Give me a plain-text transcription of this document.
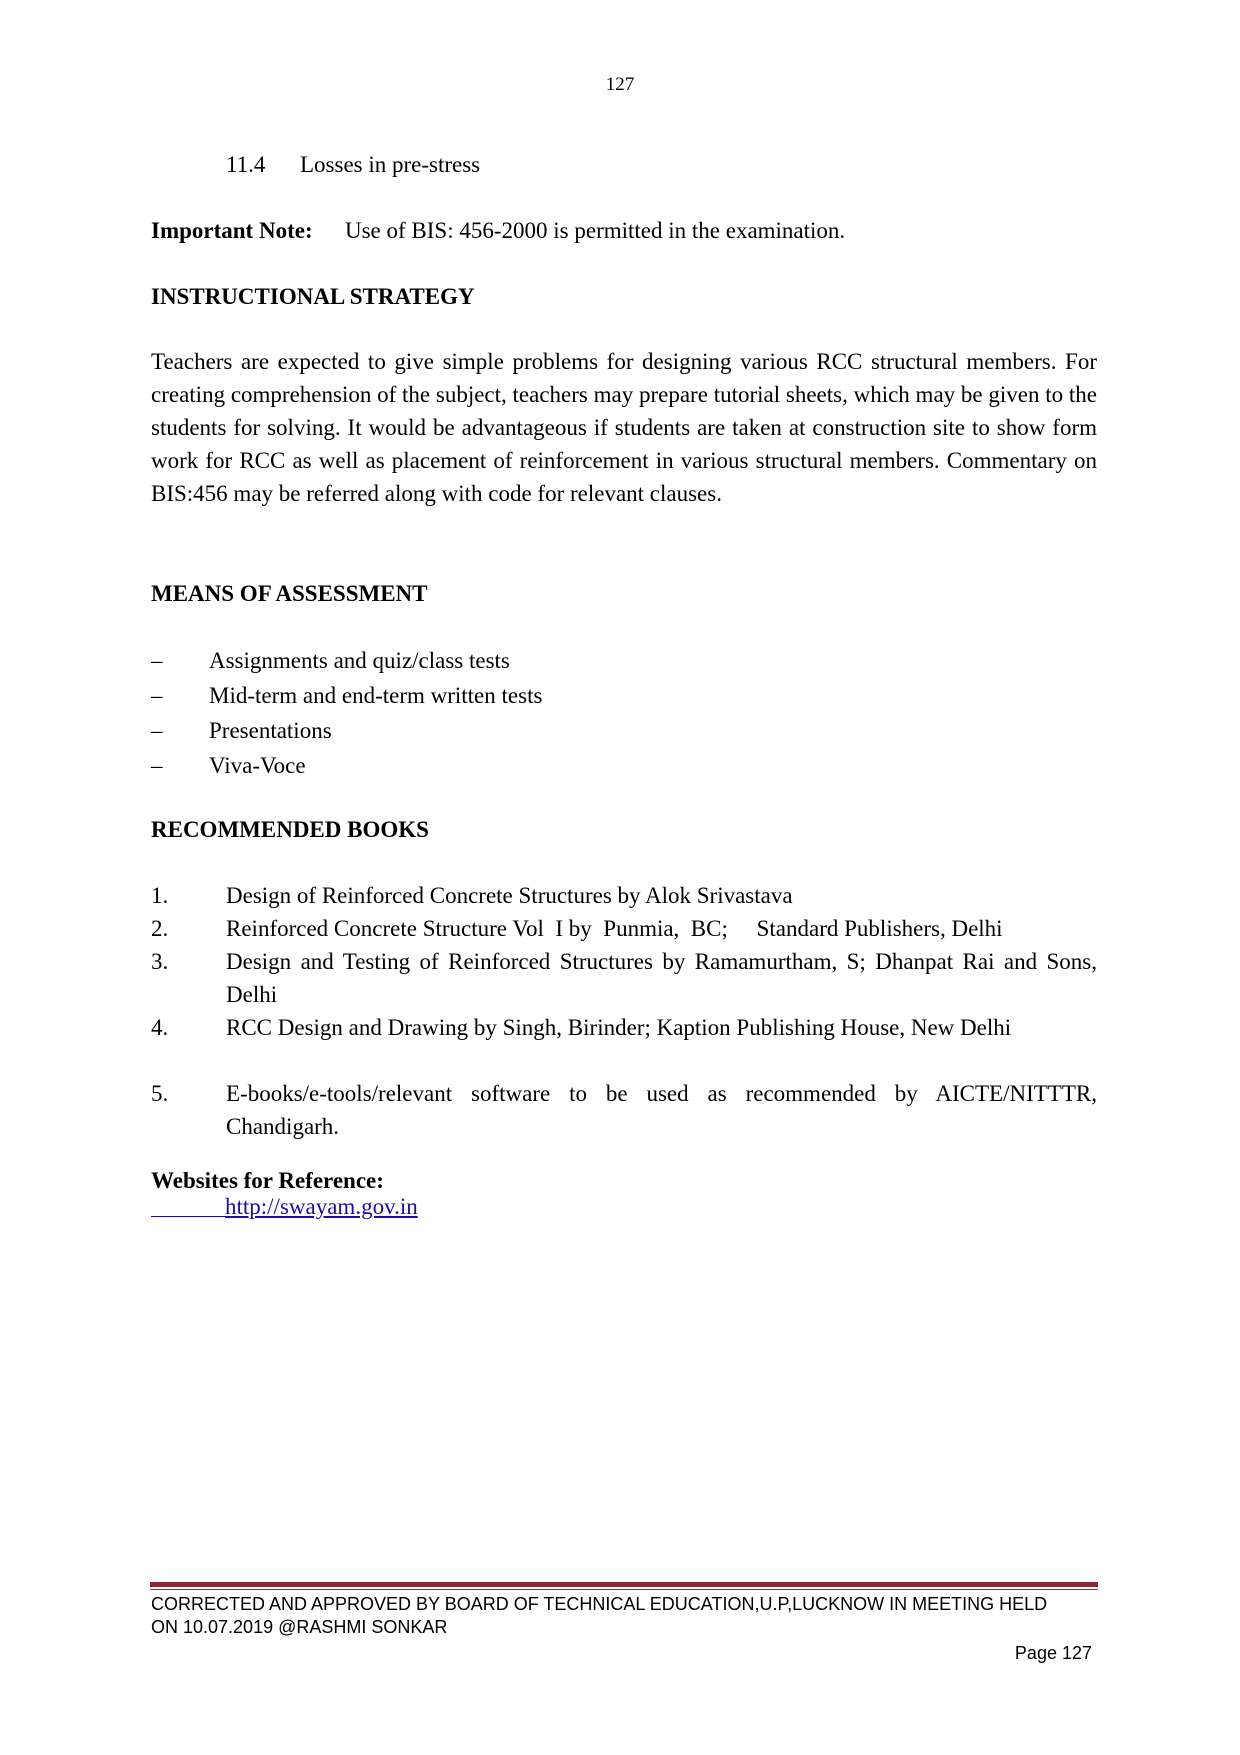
127
11.4 Losses in pre-stress
Important Note: Use of BIS: 456-2000 is permitted in the examination.
INSTRUCTIONAL STRATEGY

Teachers are expected to give simple problems for designing various RCC structural members. For creating comprehension of the subject, teachers may prepare tutorial sheets, which may be given to the students for solving. It would be advantageous if students are taken at construction site to show form work for RCC as well as placement of reinforcement in various structural members. Commentary on BIS:456 may be referred along with code for relevant clauses.

MEANS OF ASSESSMENT
– Assignments and quiz/class tests
– Mid-term and end-term written tests
– Presentations
– Viva-Voce
RECOMMENDED BOOKS
1.	Design of Reinforced Concrete Structures by Alok Srivastava
2.	Reinforced Concrete Structure Vol  I by  Punmia,  BC;     Standard Publishers, Delhi
3.	Design and Testing of Reinforced Structures by Ramamurtham, S; Dhanpat Rai and Sons, Delhi
4.	RCC Design and Drawing by Singh, Birinder; Kaption Publishing House, New Delhi
5.	E-books/e-tools/relevant software to be used as recommended by AICTE/NITTTR, Chandigarh.
Websites for Reference:
http://swayam.gov.in
CORRECTED AND APPROVED BY BOARD OF TECHNICAL EDUCATION,U.P,LUCKNOW IN MEETING HELD
ON 10.07.2019 @RASHMI SONKAR
Page 127
